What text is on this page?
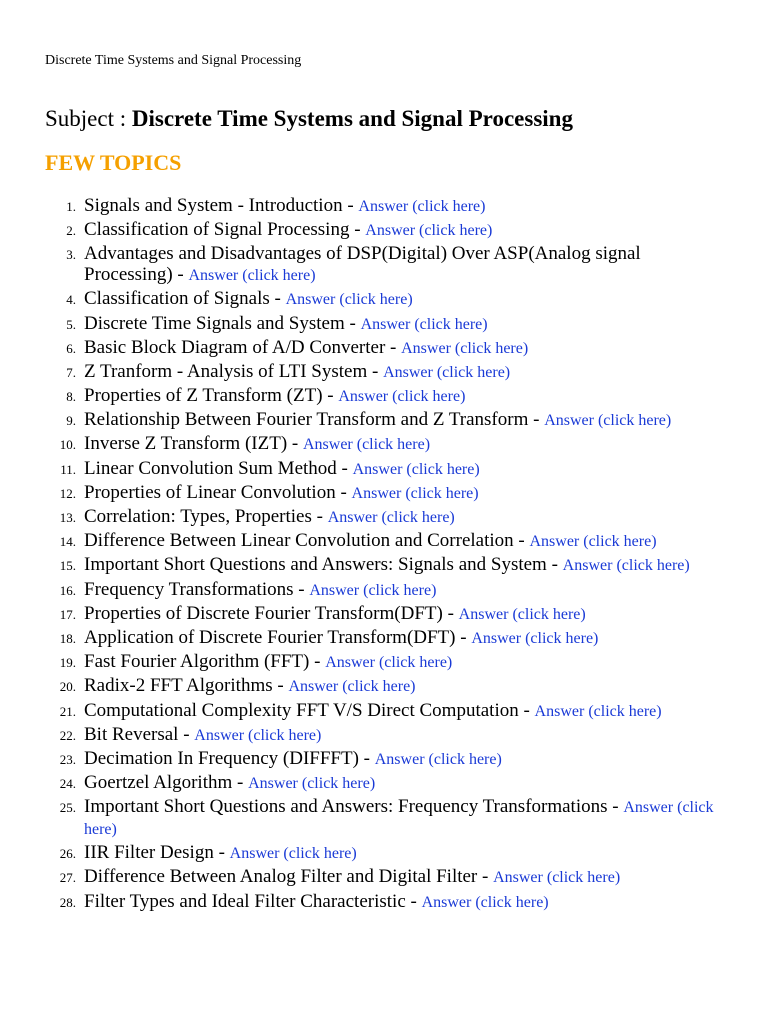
Discrete Time Systems and Signal Processing
Subject : Discrete Time Systems and Signal Processing
FEW TOPICS
1. Signals and System - Introduction - Answer (click here)
2. Classification of Signal Processing - Answer (click here)
3. Advantages and Disadvantages of DSP(Digital) Over ASP(Analog signal Processing) - Answer (click here)
4. Classification of Signals - Answer (click here)
5. Discrete Time Signals and System - Answer (click here)
6. Basic Block Diagram of A/D Converter - Answer (click here)
7. Z Tranform - Analysis of LTI System - Answer (click here)
8. Properties of Z Transform (ZT) - Answer (click here)
9. Relationship Between Fourier Transform and Z Transform - Answer (click here)
10. Inverse Z Transform (IZT) - Answer (click here)
11. Linear Convolution Sum Method - Answer (click here)
12. Properties of Linear Convolution - Answer (click here)
13. Correlation: Types, Properties - Answer (click here)
14. Difference Between Linear Convolution and Correlation - Answer (click here)
15. Important Short Questions and Answers: Signals and System - Answer (click here)
16. Frequency Transformations - Answer (click here)
17. Properties of Discrete Fourier Transform(DFT) - Answer (click here)
18. Application of Discrete Fourier Transform(DFT) - Answer (click here)
19. Fast Fourier Algorithm (FFT) - Answer (click here)
20. Radix-2 FFT Algorithms - Answer (click here)
21. Computational Complexity FFT V/S Direct Computation - Answer (click here)
22. Bit Reversal - Answer (click here)
23. Decimation In Frequency (DIFFFT) - Answer (click here)
24. Goertzel Algorithm - Answer (click here)
25. Important Short Questions and Answers: Frequency Transformations - Answer (click here)
26. IIR Filter Design - Answer (click here)
27. Difference Between Analog Filter and Digital Filter - Answer (click here)
28. Filter Types and Ideal Filter Characteristic - Answer (click here)
